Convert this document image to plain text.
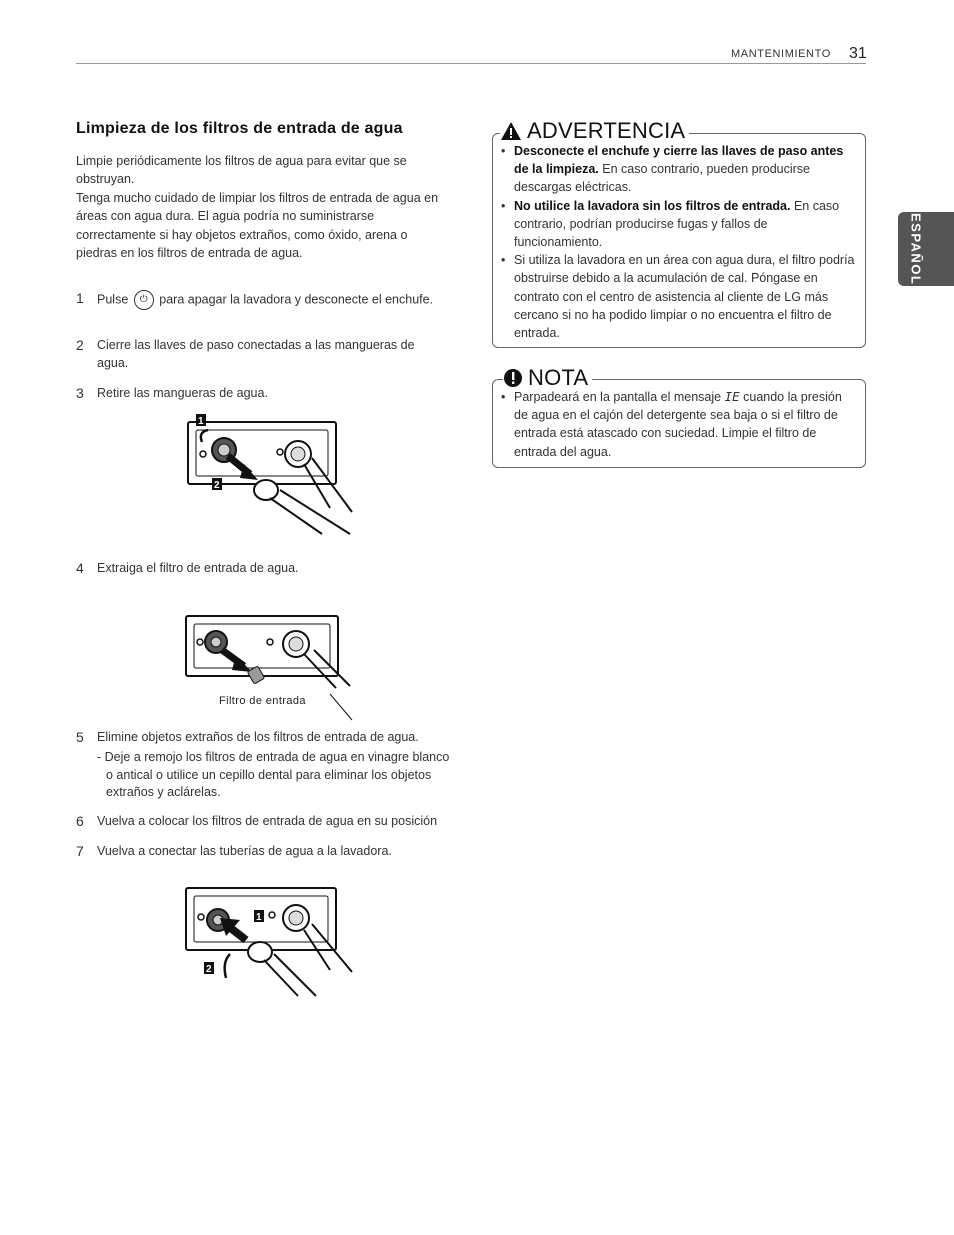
MANTENIMIENTO 31
ESPAÑOL
Limpieza de los filtros de entrada de agua
Limpie periódicamente los filtros de agua para evitar que se obstruyan.
Tenga mucho cuidado de limpiar los filtros de entrada de agua en áreas con agua dura. El agua podría no suministrarse correctamente si hay objetos extraños, como óxido, arena o piedras en los filtros de entrada de agua.
1 Pulse ⏻ para apagar la lavadora y desconecte el enchufe.
2 Cierre las llaves de paso conectadas a las mangueras de agua.
3 Retire las mangueras de agua.
1
2
4 Extraiga el filtro de entrada de agua.
Filtro de entrada
5 Elimine objetos extraños de los filtros de entrada de agua.
- Deje a remojo los filtros de entrada de agua en vinagre blanco o antical o utilice un cepillo dental para eliminar los objetos extraños y aclárelas.
6 Vuelva a colocar los filtros de entrada de agua en su posición
7 Vuelva a conectar las tuberías de agua a la lavadora.
1
2
ADVERTENCIA
• Desconecte el enchufe y cierre las llaves de paso antes de la limpieza. En caso contrario, pueden producirse descargas eléctricas.
• No utilice la lavadora sin los filtros de entrada. En caso contrario, podrían producirse fugas y fallos de funcionamiento.
• Si utiliza la lavadora en un área con agua dura, el filtro podría obstruirse debido a la acumulación de cal. Póngase en contrato con el centro de asistencia al cliente de LG más cercano si no ha podido limpiar o no encuentra el filtro de entrada.
NOTA
• Parpadeará en la pantalla el mensaje IE cuando la presión de agua en el cajón del detergente sea baja o si el filtro de entrada está atascado con suciedad. Limpie el filtro de entrada del agua.
